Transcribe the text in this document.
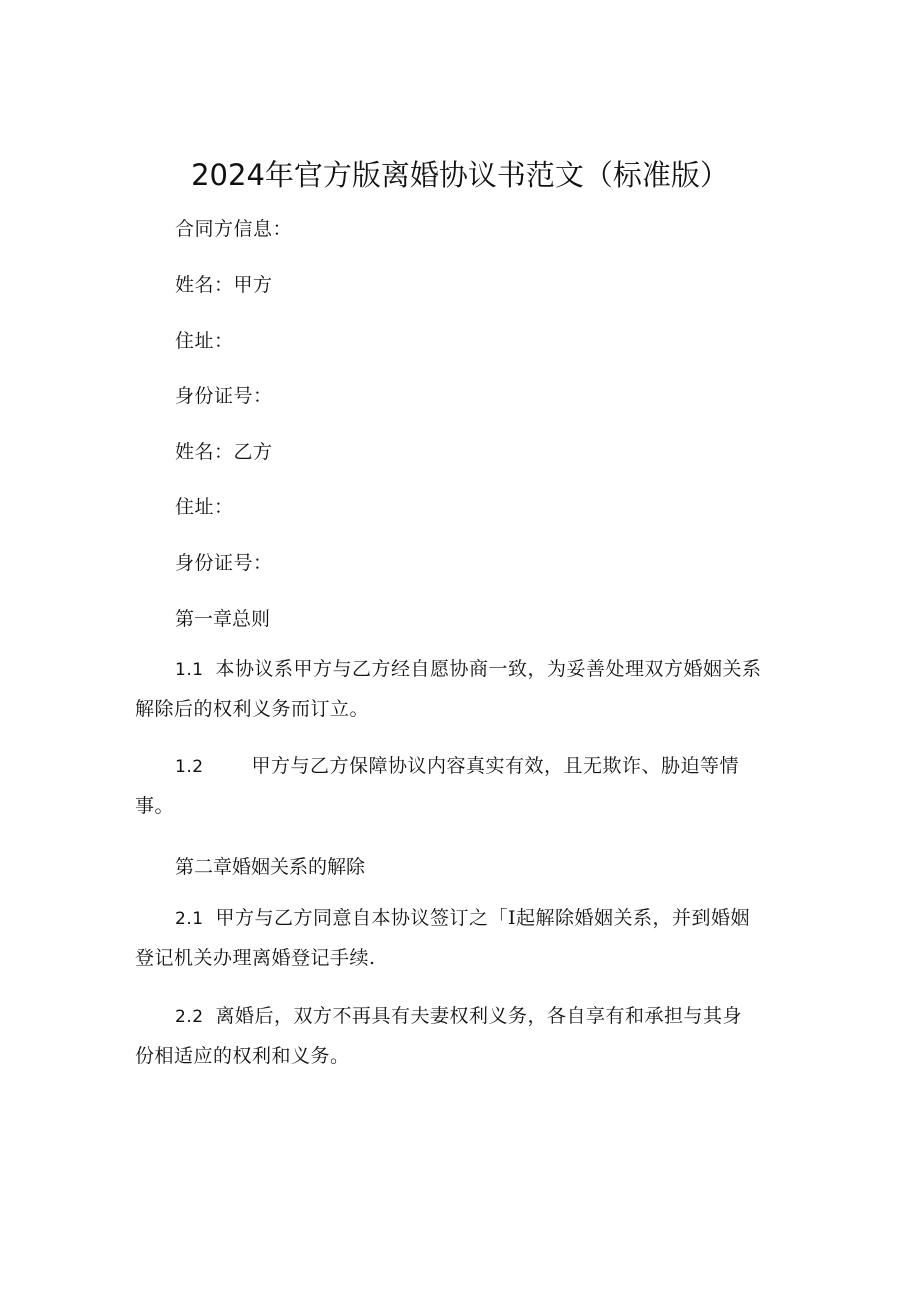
2024年官方版离婚协议书范文（标准版）
合同方信息：
姓名：甲方
住址：
身份证号：
姓名：乙方
住址：
身份证号：
第一章总则
1.1 本协议系甲方与乙方经自愿协商一致，为妥善处理双方婚姻关系
解除后的权利义务而订立。
1.2	甲方与乙方保障协议内容真实有效，且无欺诈、胁迫等情
事。
第二章婚姻关系的解除
2.1 甲方与乙方同意自本协议签订之「I起解除婚姻关系，并到婚姻
登记机关办理离婚登记手续.
2.2 离婚后，双方不再具有夫妻权利义务，各自享有和承担与其身
份相适应的权利和义务。
